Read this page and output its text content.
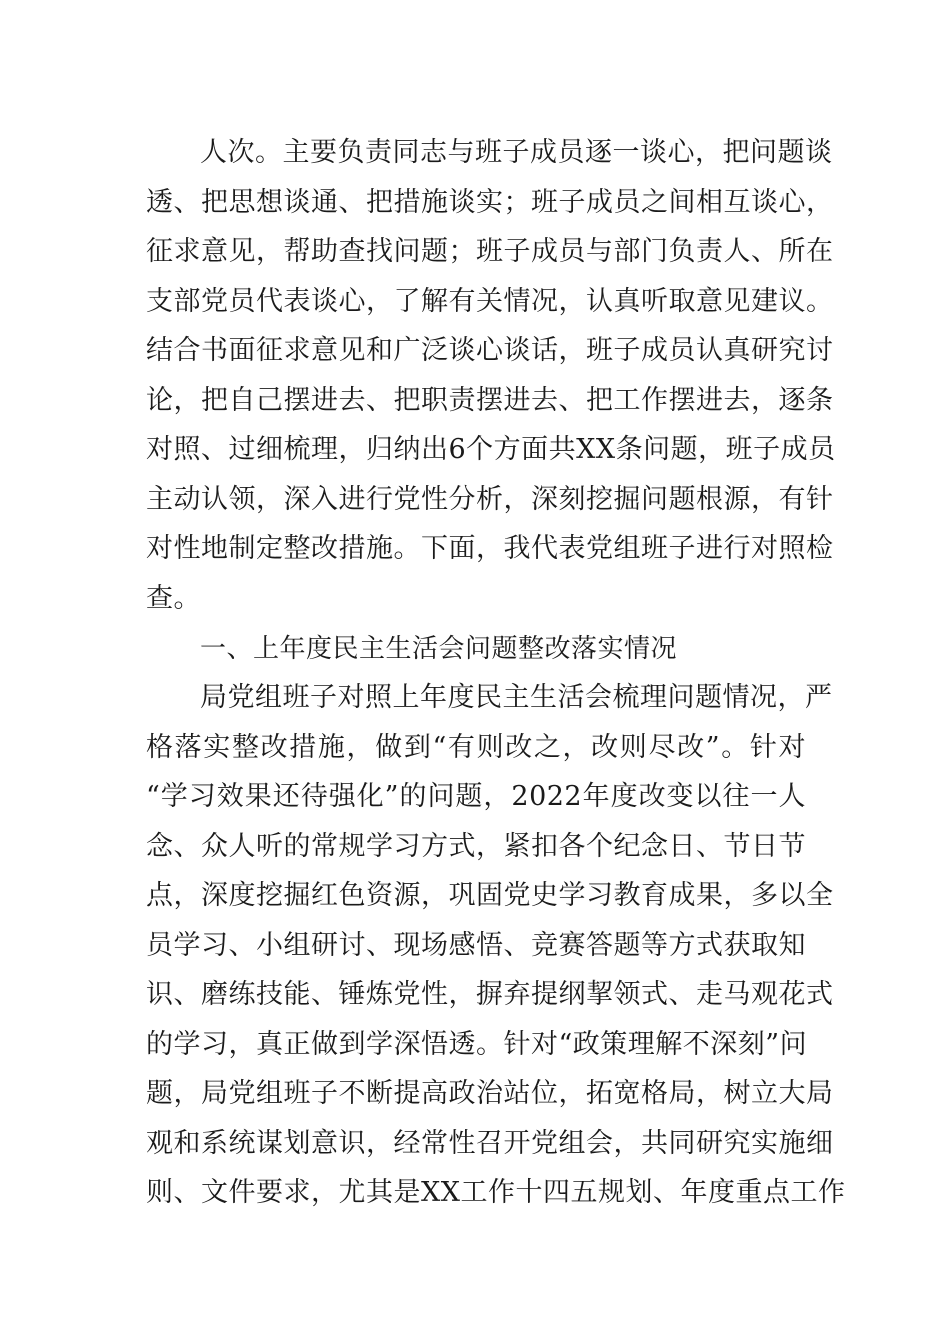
人次。主要负责同志与班子成员逐一谈心，把问题谈
透、把思想谈通、把措施谈实；班子成员之间相互谈心，
征求意见，帮助查找问题；班子成员与部门负责人、所在
支部党员代表谈心，了解有关情况，认真听取意见建议。
结合书面征求意见和广泛谈心谈话，班子成员认真研究讨
论，把自己摆进去、把职责摆进去、把工作摆进去，逐条
对照、过细梳理，归纳出6个方面共XX条问题，班子成员
主动认领，深入进行党性分析，深刻挖掘问题根源，有针
对性地制定整改措施。下面，我代表党组班子进行对照检
查。
一、上年度民主生活会问题整改落实情况
局党组班子对照上年度民主生活会梳理问题情况，严
格落实整改措施，做到“有则改之，改则尽改”。针对
“学习效果还待强化”的问题，2022年度改变以往一人
念、众人听的常规学习方式，紧扣各个纪念日、节日节
点，深度挖掘红色资源，巩固党史学习教育成果，多以全
员学习、小组研讨、现场感悟、竞赛答题等方式获取知
识、磨练技能、锤炼党性，摒弃提纲挈领式、走马观花式
的学习，真正做到学深悟透。针对“政策理解不深刻”问
题，局党组班子不断提高政治站位，拓宽格局，树立大局
观和系统谋划意识，经常性召开党组会，共同研究实施细
则、文件要求，尤其是XX工作十四五规划、年度重点工作
